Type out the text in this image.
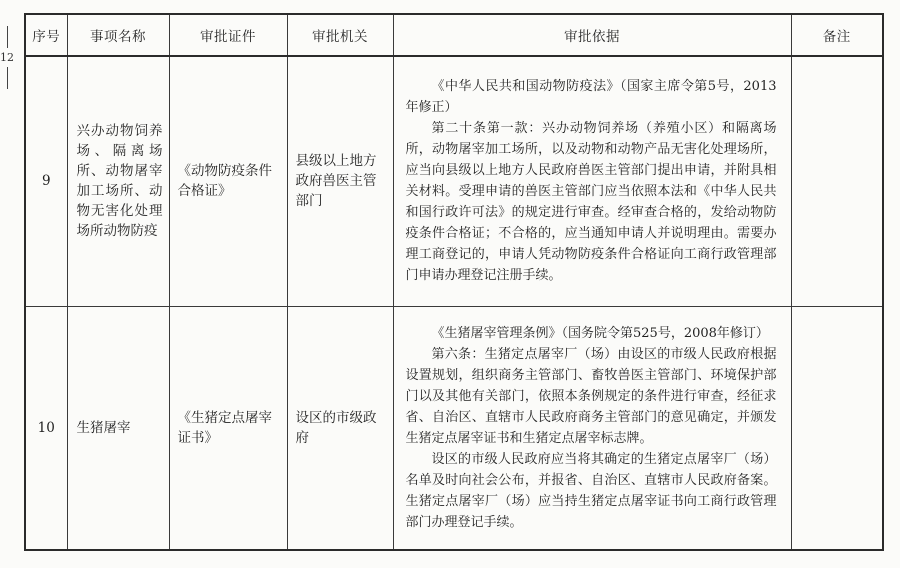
12
序号	事项名称	审批证件	审批机关	审批依据	备注
9	兴办动物饲养场、隔离场所、动物屠宰加工场所、动物无害化处理场所动物防疫	《动物防疫条件合格证》	县级以上地方政府兽医主管部门	《中华人民共和国动物防疫法》（国家主席令第5号，2013年修正）

第二十条第一款：兴办动物饲养场（养殖小区）和隔离场所，动物屠宰加工场所，以及动物和动物产品无害化处理场所，应当向县级以上地方人民政府兽医主管部门提出申请，并附具相关材料。受理申请的兽医主管部门应当依照本法和《中华人民共和国行政许可法》的规定进行审查。经审查合格的，发给动物防疫条件合格证；不合格的，应当通知申请人并说明理由。需要办理工商登记的，申请人凭动物防疫条件合格证向工商行政管理部门申请办理登记注册手续。	

10	生猪屠宰	《生猪定点屠宰证书》	设区的市级政府	《生猪屠宰管理条例》（国务院令第525号，2008年修订）

第六条：生猪定点屠宰厂（场）由设区的市级人民政府根据设置规划，组织商务主管部门、畜牧兽医主管部门、环境保护部门以及其他有关部门，依照本条例规定的条件进行审查，经征求省、自治区、直辖市人民政府商务主管部门的意见确定，并颁发生猪定点屠宰证书和生猪定点屠宰标志牌。

设区的市级人民政府应当将其确定的生猪定点屠宰厂（场）名单及时向社会公布，并报省、自治区、直辖市人民政府备案。生猪定点屠宰厂（场）应当持生猪定点屠宰证书向工商行政管理部门办理登记手续。	
